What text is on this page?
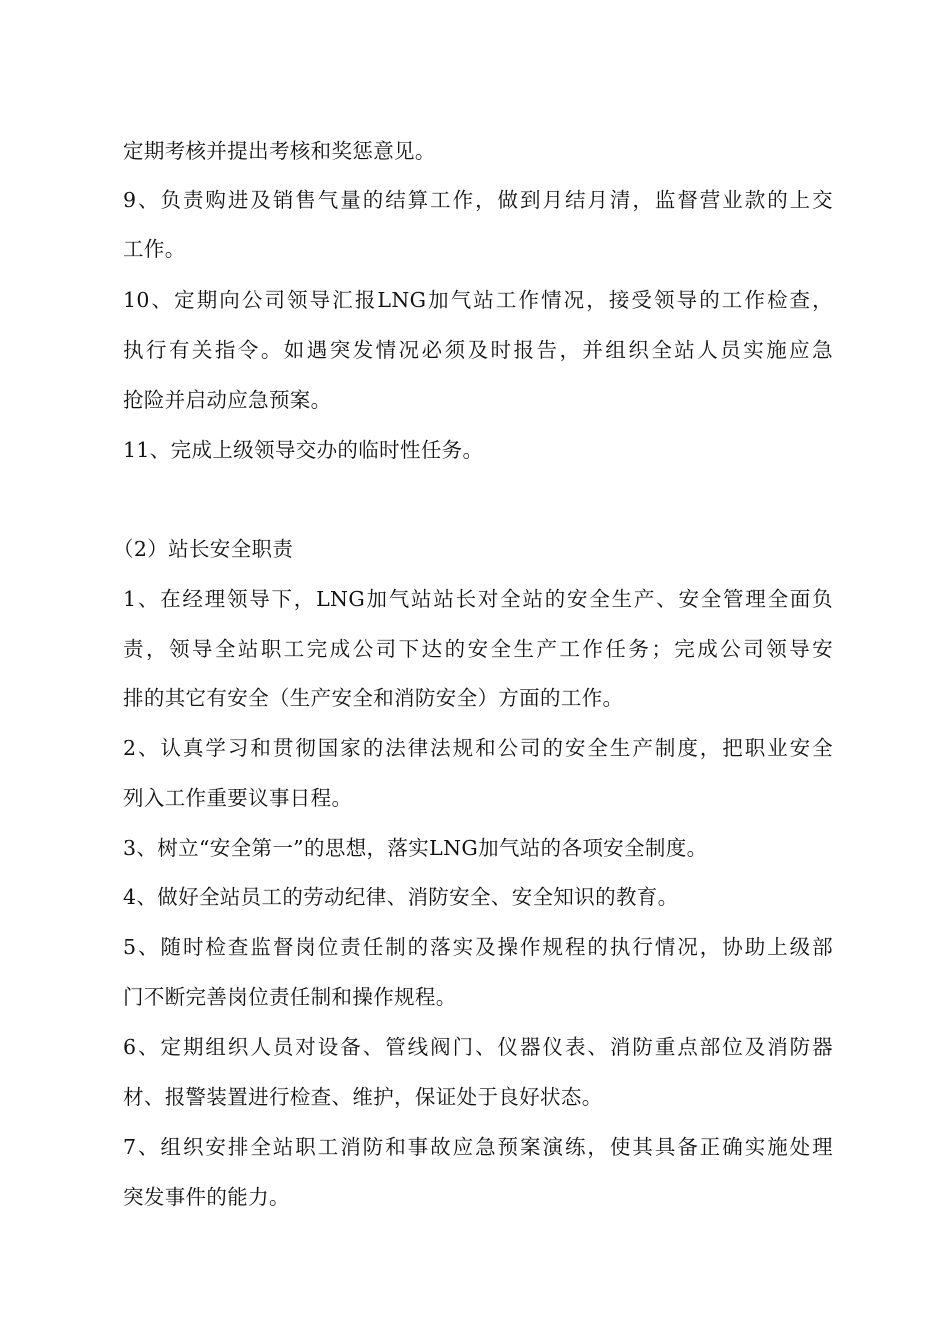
定期考核并提出考核和奖惩意见。
9、负责购进及销售气量的结算工作，做到月结月清，监督营业款的上交
工作。
10、定期向公司领导汇报LNG加气站工作情况，接受领导的工作检查，
执行有关指令。如遇突发情况必须及时报告，并组织全站人员实施应急
抢险并启动应急预案。
11、完成上级领导交办的临时性任务。
（2）站长安全职责
1、在经理领导下，LNG加气站站长对全站的安全生产、安全管理全面负
责，领导全站职工完成公司下达的安全生产工作任务；完成公司领导安
排的其它有安全（生产安全和消防安全）方面的工作。
2、认真学习和贯彻国家的法律法规和公司的安全生产制度，把职业安全
列入工作重要议事日程。
3、树立“安全第一”的思想，落实LNG加气站的各项安全制度。
4、做好全站员工的劳动纪律、消防安全、安全知识的教育。
5、随时检查监督岗位责任制的落实及操作规程的执行情况，协助上级部
门不断完善岗位责任制和操作规程。
6、定期组织人员对设备、管线阀门、仪器仪表、消防重点部位及消防器
材、报警装置进行检查、维护，保证处于良好状态。
7、组织安排全站职工消防和事故应急预案演练，使其具备正确实施处理
突发事件的能力。
